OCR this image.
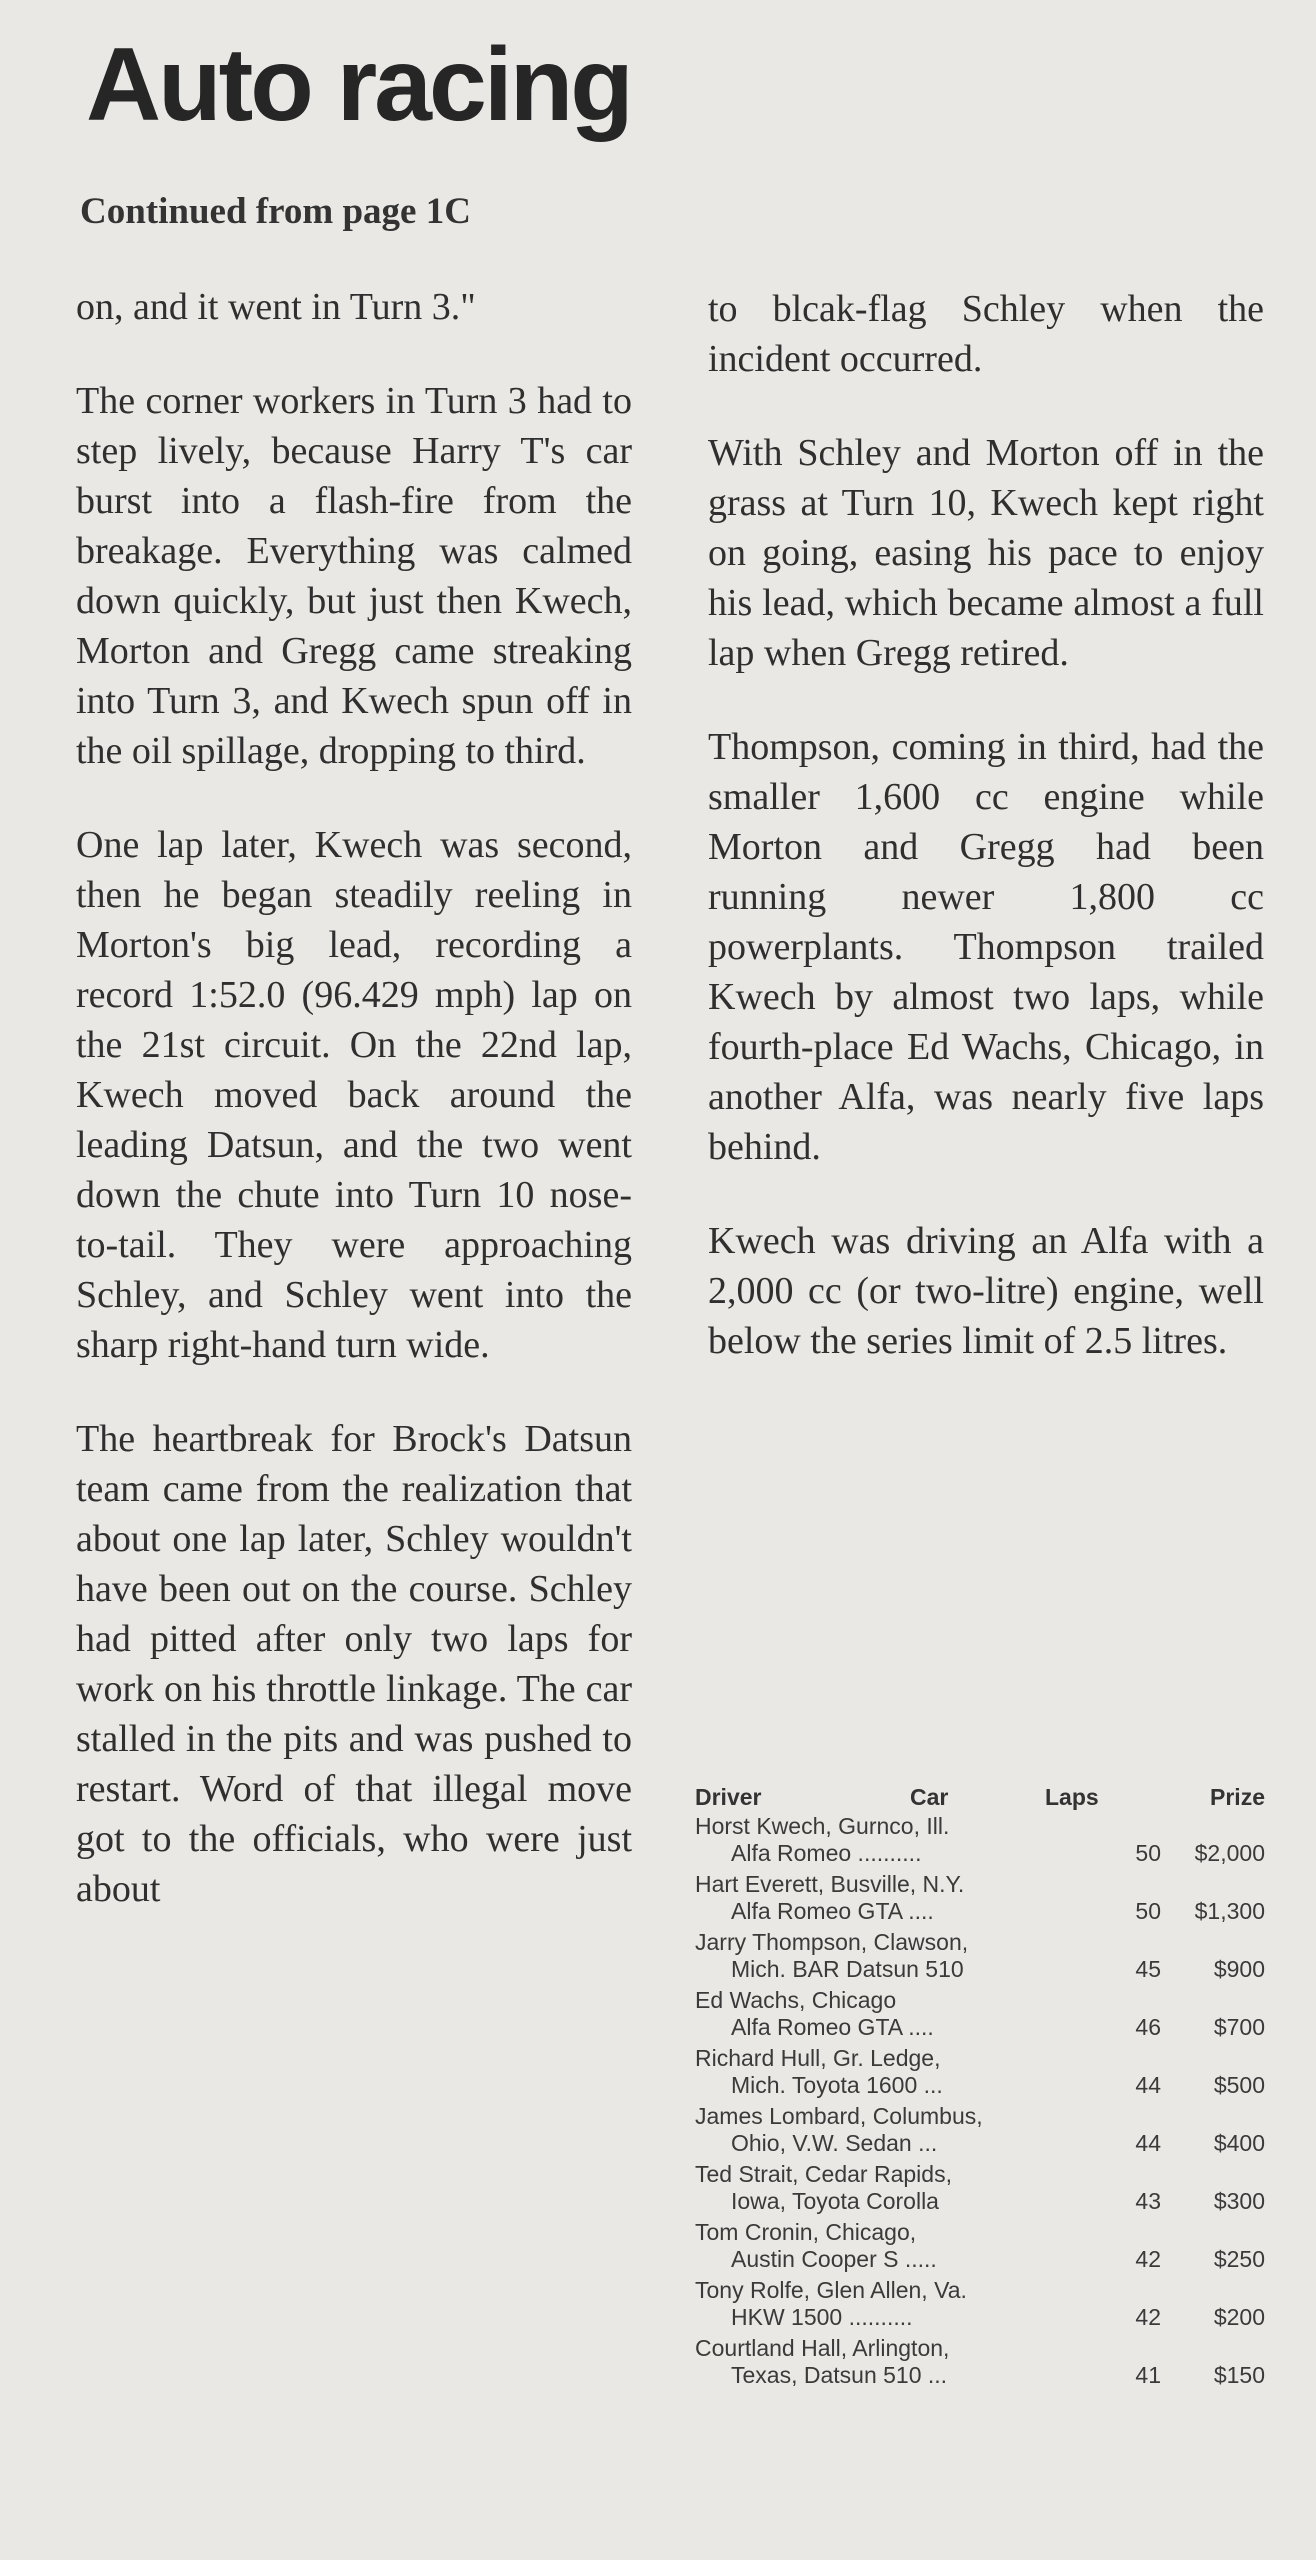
Auto racing
Continued from page 1C

on, and it went in Turn 3."

The corner workers in Turn 3 had to step lively, because Harry T's car burst into a flash-fire from the breakage. Everything was calmed down quickly, but just then Kwech, Morton and Gregg came streaking into Turn 3, and Kwech spun off in the oil spillage, dropping to third.

One lap later, Kwech was second, then he began steadily reeling in Morton's big lead, recording a record 1:52.0 (96.429 mph) lap on the 21st circuit. On the 22nd lap, Kwech moved back around the leading Datsun, and the two went down the chute into Turn 10 nose-to-tail. They were approaching Schley, and Schley went into the sharp right-hand turn wide.

The heartbreak for Brock's Datsun team came from the realization that about one lap later, Schley wouldn't have been out on the course. Schley had pitted after only two laps for work on his throttle linkage. The car stalled in the pits and was pushed to restart. Word of that illegal move got to the officials, who were just about

to blcak-flag Schley when the incident occurred.

With Schley and Morton off in the grass at Turn 10, Kwech kept right on going, easing his pace to enjoy his lead, which became almost a full lap when Gregg retired.

Thompson, coming in third, had the smaller 1,600 cc engine while Morton and Gregg had been running newer 1,800 cc powerplants. Thompson trailed Kwech by almost two laps, while fourth-place Ed Wachs, Chicago, in another Alfa, was nearly five laps behind.

Kwech was driving an Alfa with a 2,000 cc (or two-litre) engine, well below the series limit of 2.5 litres.

Driver	Car	Laps	Prize
Horst Kwech, Gurnco, Ill.
Alfa Romeo ..........	50	$2,000
Hart Everett, Busville, N.Y.
Alfa Romeo GTA ....	50	$1,300
Jarry Thompson, Clawson,
Mich. BAR Datsun 510	45	$900
Ed Wachs, Chicago
Alfa Romeo GTA ....	46	$700
Richard Hull, Gr. Ledge,
Mich. Toyota 1600 ...	44	$500
James Lombard, Columbus,
Ohio, V.W. Sedan ...	44	$400
Ted Strait, Cedar Rapids,
Iowa, Toyota Corolla	43	$300
Tom Cronin, Chicago,
Austin Cooper S .....	42	$250
Tony Rolfe, Glen Allen, Va.
HKW 1500 ..........	42	$200
Courtland Hall, Arlington,
Texas, Datsun 510 ...	41	$150
